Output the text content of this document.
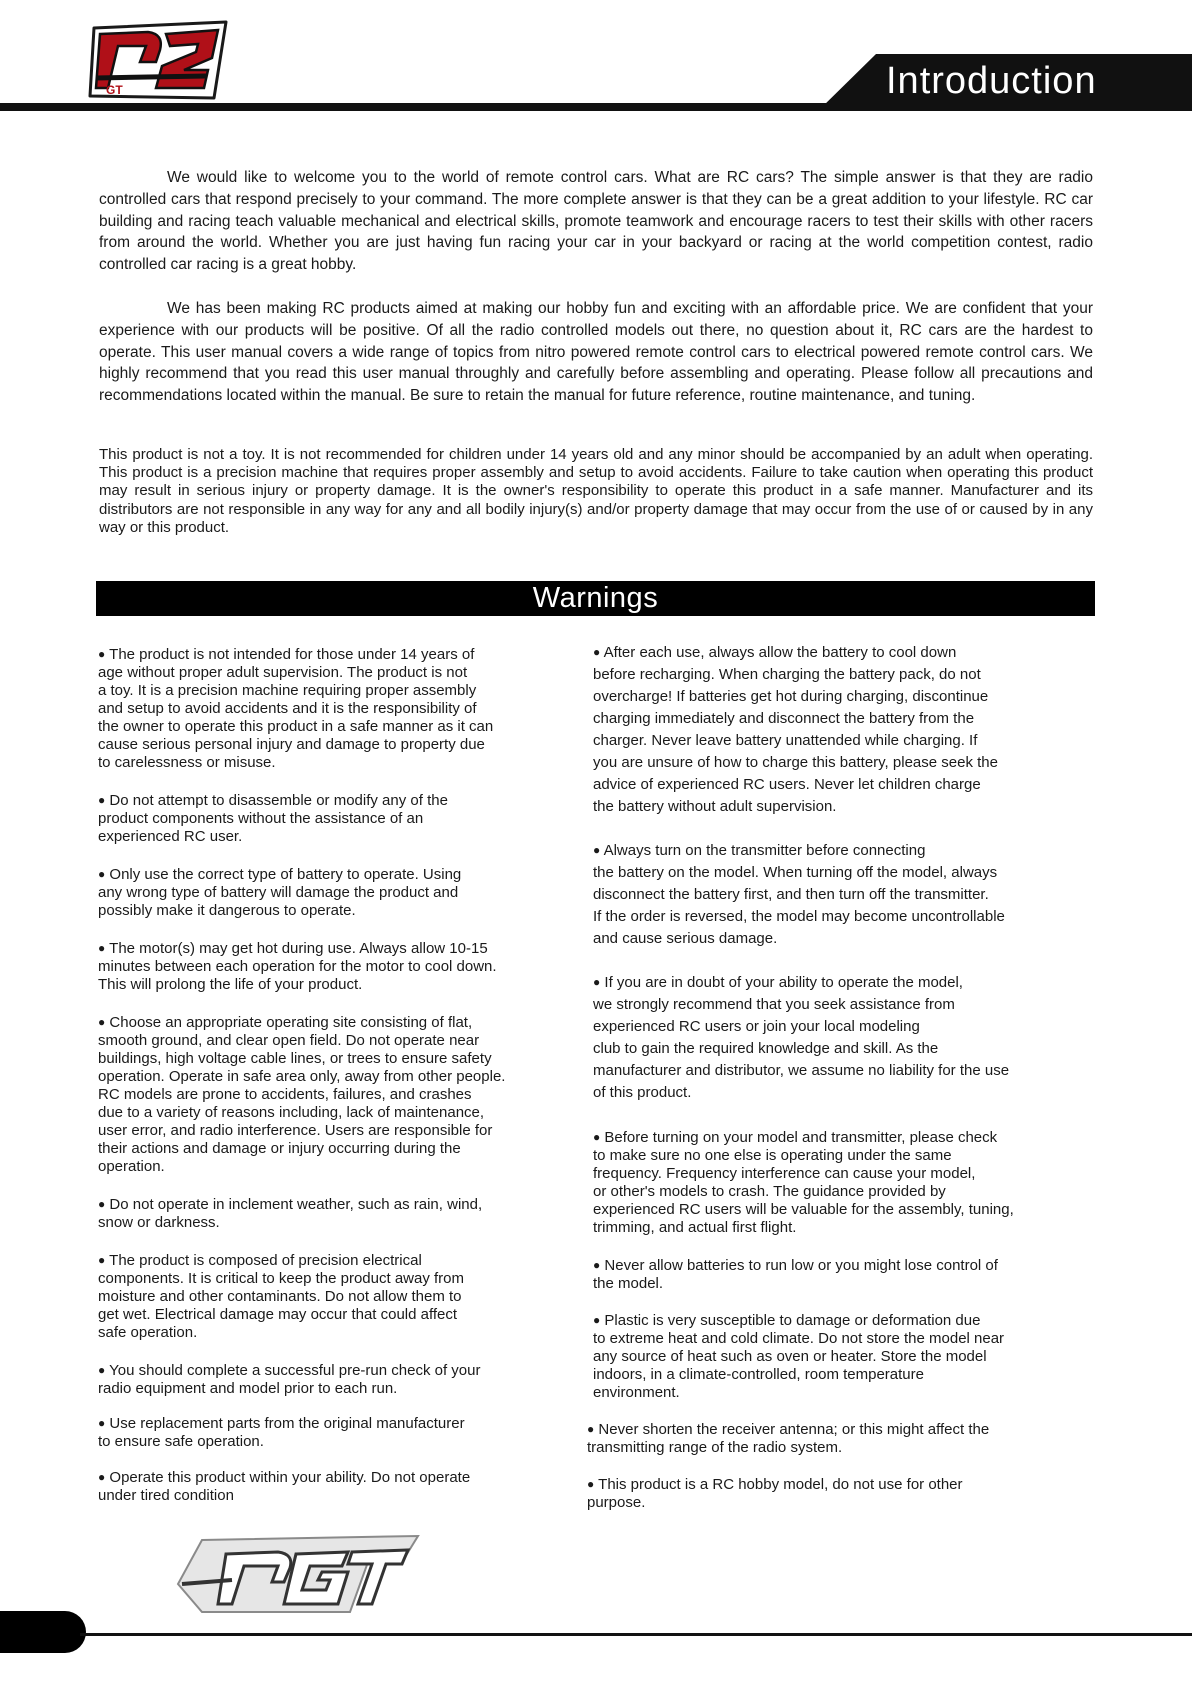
GT	Introduction
We would like to welcome you to the world of remote control cars. What are RC cars? The simple answer is that they are radio controlled cars that respond precisely to your command. The more complete answer is that they can be a great addition to your lifestyle. RC car building and racing teach valuable mechanical and electrical skills, promote teamwork and encourage racers to test their skills with other racers from around the world. Whether you are just having fun racing your car in your backyard or racing at the world competition contest, radio controlled car racing is a great hobby.
We has been making RC products aimed at making our hobby fun and exciting with an affordable price. We are confident that your experience with our products will be positive. Of all the radio controlled models out there, no question about it, RC cars are the hardest to operate. This user manual covers a wide range of topics from nitro powered remote control cars to electrical powered remote control cars. We highly recommend that you read this user manual throughly and carefully before assembling and operating. Please follow all precautions and recommendations located within the manual. Be sure to retain the manual for future reference, routine maintenance, and tuning.
This product is not a toy. It is not recommended for children under 14 years old and any minor should be accompanied by an adult when operating. This product is a precision machine that requires proper assembly and setup to avoid accidents. Failure to take caution when operating this product may result in serious injury or property damage. It is the owner's responsibility to operate this product in a safe manner. Manufacturer and its distributors are not responsible in any way for any and all bodily injury(s) and/or property damage that may occur from the use of or caused by in any way or this product.
Warnings

● The product is not intended for those under 14 years of

age without proper adult supervision. The product is not

a toy. It is a precision machine requiring proper assembly

and setup to avoid accidents and it is the responsibility of

the owner to operate this product in a safe manner as it can

cause serious personal injury and damage to property due

to carelessness or misuse.

● Do not attempt to disassemble or modify any of the

product components without the assistance of an

experienced RC user.

● Only use the correct type of battery to operate. Using

any wrong type of battery will damage the product and

possibly make it dangerous to operate.

● The motor(s) may get hot during use. Always allow 10-15

minutes between each operation for the motor to cool down.

This will prolong the life of your product.

● Choose an appropriate operating site consisting of flat,

smooth ground, and clear open field. Do not operate near

buildings, high voltage cable lines, or trees to ensure safety

operation. Operate in safe area only, away from other people.

RC models are prone to accidents, failures, and crashes

due to a variety of reasons including, lack of maintenance,

user error, and radio interference. Users are responsible for

their actions and damage or injury occurring during the

operation.

● Do not operate in inclement weather, such as rain, wind,

snow or darkness.

● The product is composed of precision electrical

components. It is critical to keep the product away from

moisture and other contaminants. Do not allow them to

get wet. Electrical damage may occur that could affect

safe operation.

● You should complete a successful pre-run check of your

radio equipment and model prior to each run.

● Use replacement parts from the original manufacturer

to ensure safe operation.

● Operate this product within your ability. Do not operate

under tired condition

● After each use, always allow the battery to cool down

before recharging. When charging the battery pack, do not

overcharge! If batteries get hot during charging, discontinue

charging immediately and disconnect the battery from the

charger. Never leave battery unattended while charging. If

you are unsure of how to charge this battery, please seek the

advice of experienced RC users. Never let children charge

the battery without adult supervision.

● Always turn on the transmitter before connecting

the battery on the model. When turning off the model, always

disconnect the battery first, and then turn off the transmitter.

If the order is reversed, the model may become uncontrollable

and cause serious damage.

● If you are in doubt of your ability to operate the model,

we strongly recommend that you seek assistance from

experienced RC users or join your local modeling

club to gain the required knowledge and skill. As the

manufacturer and distributor, we assume no liability for the use

of this product.

● Before turning on your model and transmitter, please check

to make sure no one else is operating under the same

frequency. Frequency interference can cause your model,

or other's models to crash. The guidance provided by

experienced RC users will be valuable for the assembly, tuning,

trimming, and actual first flight.

● Never allow batteries to run low or you might lose control of

the model.

● Plastic is very susceptible to damage or deformation due

to extreme heat and cold climate. Do not store the model near

any source of heat such as oven or heater. Store the model

indoors, in a climate-controlled, room temperature

environment.

● Never shorten the receiver antenna; or this might affect the

transmitting range of the radio system.

● This product is a RC hobby model, do not use for other

purpose.
